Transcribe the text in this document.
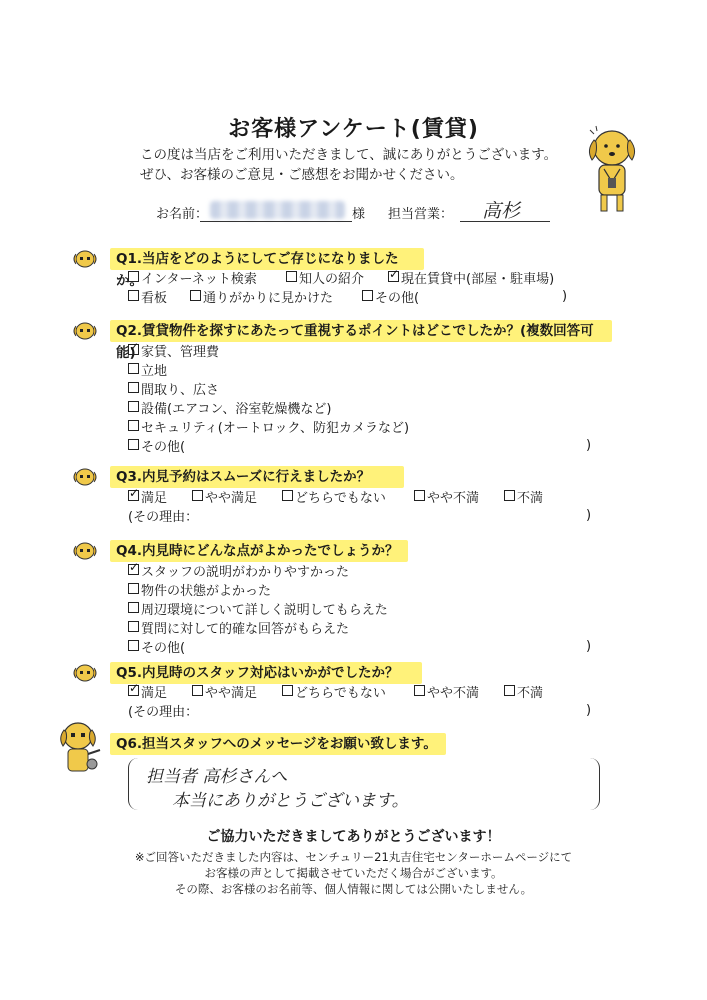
お客様アンケート(賃貸)
この度は当店をご利用いただきまして、誠にありがとうございます。
ぜひ、お客様のご意見・ご感想をお聞かせください。
お名前：	様 担当営業： 高杉
Q1.当店をどのようにしてご存じになりましたか。
インターネット検索	知人の紹介 ✓	現在賃貸中(部屋・駐車場)
看板	通りがかりに見かけた	その他(	)
Q2.賃貸物件を探すにあたって重視するポイントはどこでしたか？(複数回答可能) ✓ 家賃、管理費
立地
間取り、広さ
設備(エアコン、浴室乾燥機など)
セキュリティ(オートロック、防犯カメラなど)
その他(	)
Q3.内見予約はスムーズに行えましたか？
✓満足	やや満足	どちらでもない	やや不満	不満
(その理由：	)
Q4.内見時にどんな点がよかったでしょうか？
✓スタッフの説明がわかりやすかった
物件の状態がよかった
周辺環境について詳しく説明してもらえた
質問に対して的確な回答がもらえた
その他(	)
Q5.内見時のスタッフ対応はいかがでしたか？
✓満足	やや満足	どちらでもない	やや不満	不満
(その理由：	)
Q6.担当スタッフへのメッセージをお願い致します。
担当者 高杉さんへ
本当にありがとうございます。
ご協力いただきましてありがとうございます！
※ご回答いただきました内容は、センチュリー21丸吉住宅センターホームページにて
お客様の声として掲載させていただく場合がございます。
その際、お客様のお名前等、個人情報に関しては公開いたしません。
